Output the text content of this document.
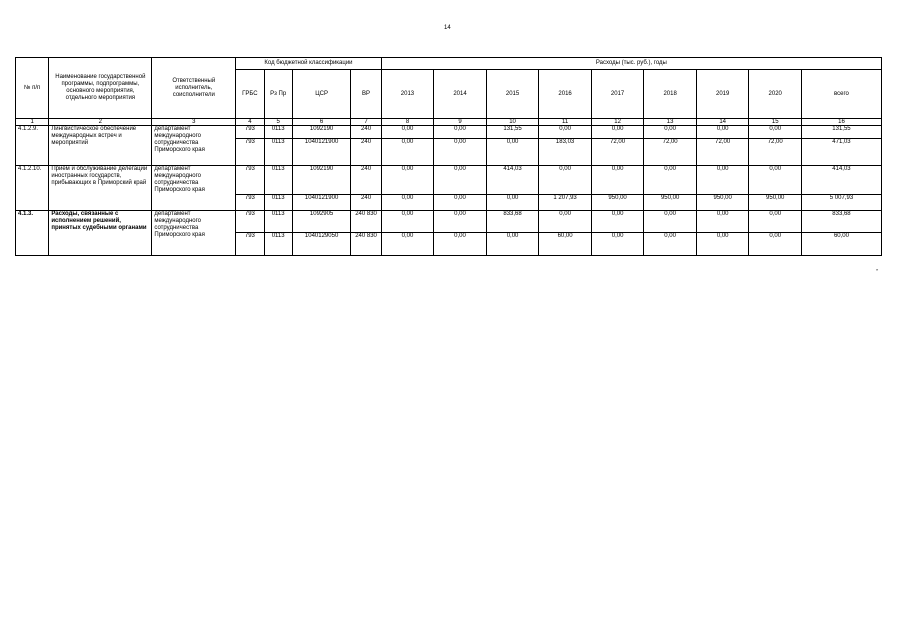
14
»
№ п/п	Наименование государственной программы, подпрограммы, основного мероприятия, отдельного мероприятия	Ответственный исполнитель, соисполнители	Код бюджетной классификации				Расходы (тыс. руб.), годы								
			ГРБС	Рз Пр	ЦСР	ВР	2013	2014	2015	2016	2017	2018	2019	2020	всего
1	2	3	4	5	6	7	8	9	10	11	12	13	14	15	16
4.1.2.9.	Лингвистическое обеспечение международных встреч и мероприятий	департамент международного сотрудничества Приморского края	793	0113	1092190	240	0,00	0,00	131,55	0,00	0,00	0,00	0,00	0,00	131,55
			793	0113	1040121900	240	0,00	0,00	0,00	183,03	72,00	72,00	72,00	72,00	471,03
4.1.2.10.	Приём и обслуживание делегаций иностранных государств, прибывающих в Приморский край	департамент международного сотрудничества Приморского края	793	0113	1092190	240	0,00	0,00	414,03	0,00	0,00	0,00	0,00	0,00	414,03
			793	0113	1040121900	240	0,00	0,00	0,00	1 207,93	950,00	950,00	950,00	950,00	5 007,93
4.1.3.	Расходы, связанные с исполнением решений, принятых судебными органами	департамент международного сотрудничества Приморского края	793	0113	1092905	240 830	0,00	0,00	833,68	0,00	0,00	0,00	0,00	0,00	833,68
			793	0113	1040129050	240 830	0,00	0,00	0,00	60,00	0,00	0,00	0,00	0,00	60,00
